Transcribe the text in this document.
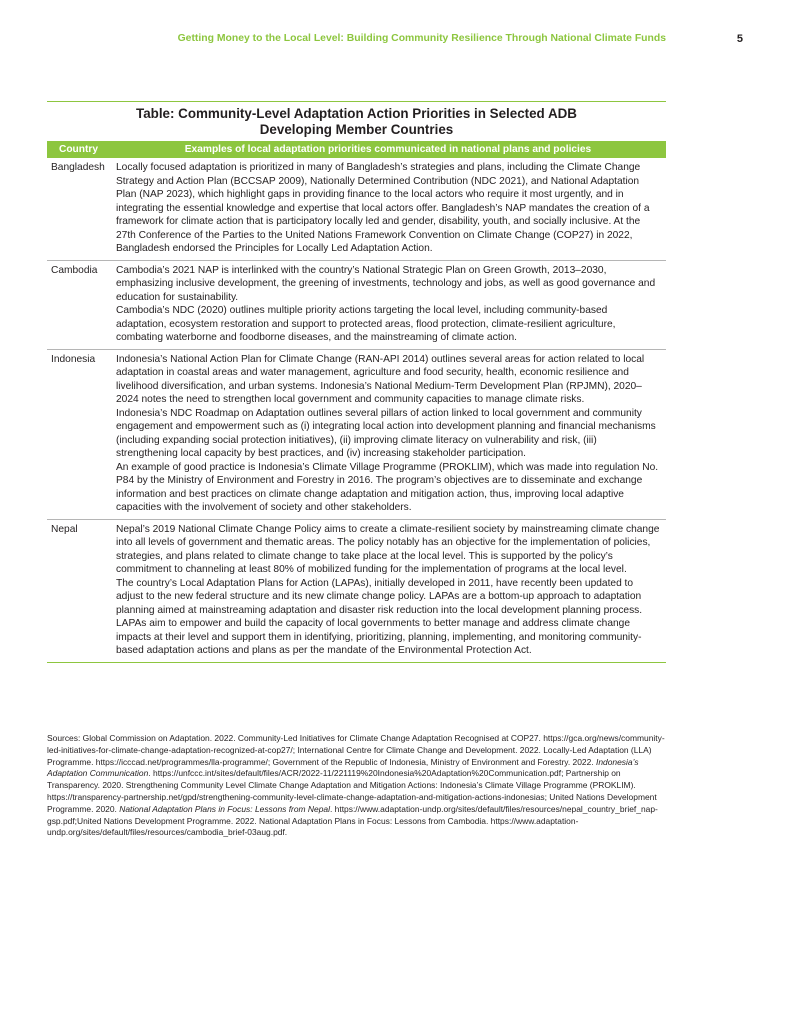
Getting Money to the Local Level: Building Community Resilience Through National Climate Funds	5
Table: Community-Level Adaptation Action Priorities in Selected ADB Developing Member Countries
Country	Examples of local adaptation priorities communicated in national plans and policies
Bangladesh	Locally focused adaptation is prioritized in many of Bangladesh’s strategies and plans, including the Climate Change Strategy and Action Plan (BCCSAP 2009), Nationally Determined Contribution (NDC 2021), and National Adaptation Plan (NAP 2023), which highlight gaps in providing finance to the local actors who require it most urgently, and in integrating the essential knowledge and expertise that local actors offer. Bangladesh’s NAP mandates the creation of a framework for climate action that is participatory locally led and gender, disability, youth, and socially inclusive. At the 27th Conference of the Parties to the United Nations Framework Convention on Climate Change (COP27) in 2022, Bangladesh endorsed the Principles for Locally Led Adaptation Action.

Cambodia	Cambodia’s 2021 NAP is interlinked with the country’s National Strategic Plan on Green Growth, 2013–2030, emphasizing inclusive development, the greening of investments, technology and jobs, as well as good governance and education for sustainability.

Cambodia’s NDC (2020) outlines multiple priority actions targeting the local level, including community-based adaptation, ecosystem restoration and support to protected areas, flood protection, climate-resilient agriculture, combating waterborne and foodborne diseases, and the mainstreaming of climate action.

Indonesia	Indonesia’s National Action Plan for Climate Change (RAN-API 2014) outlines several areas for action related to local adaptation in coastal areas and water management, agriculture and food security, health, economic resilience and livelihood diversification, and urban systems. Indonesia’s National Medium-Term Development Plan (RPJMN), 2020–2024 notes the need to strengthen local government and community capacities to manage climate risks.

Indonesia’s NDC Roadmap on Adaptation outlines several pillars of action linked to local government and community engagement and empowerment such as (i) integrating local action into development planning and financial mechanisms (including expanding social protection initiatives), (ii) improving climate literacy on vulnerability and risk, (iii) strengthening local capacity by best practices, and (iv) increasing stakeholder participation.

An example of good practice is Indonesia’s Climate Village Programme (PROKLIM), which was made into regulation No. P84 by the Ministry of Environment and Forestry in 2016. The program’s objectives are to disseminate and exchange information and best practices on climate change adaptation and mitigation action, thus, improving local adaptive capacities with the involvement of society and other stakeholders.

Nepal	Nepal’s 2019 National Climate Change Policy aims to create a climate-resilient society by mainstreaming climate change into all levels of government and thematic areas. The policy notably has an objective for the implementation of policies, strategies, and plans related to climate change to take place at the local level. This is supported by the policy’s commitment to channeling at least 80% of mobilized funding for the implementation of programs at the local level.

The country’s Local Adaptation Plans for Action (LAPAs), initially developed in 2011, have recently been updated to adjust to the new federal structure and its new climate change policy. LAPAs are a bottom-up approach to adaptation planning aimed at mainstreaming adaptation and disaster risk reduction into the local development planning process. LAPAs aim to empower and build the capacity of local governments to better manage and address climate change impacts at their level and support them in identifying, prioritizing, planning, implementing, and monitoring community-based adaptation actions and plans as per the mandate of the Environmental Protection Act.

Sources: Global Commission on Adaptation. 2022. Community-Led Initiatives for Climate Change Adaptation Recognised at COP27. https://gca.org/news/community-led-initiatives-for-climate-change-adaptation-recognized-at-cop27/; International Centre for Climate Change and Development. 2022. Locally-Led Adaptation (LLA) Programme. https://icccad.net/programmes/lla-programme/; Government of the Republic of Indonesia, Ministry of Environment and Forestry. 2022. Indonesia’s Adaptation Communication. https://unfccc.int/sites/default/files/ACR/2022-11/221119%20Indonesia%20Adaptation%20Communication.pdf; Partnership on Transparency. 2020. Strengthening Community Level Climate Change Adaptation and Mitigation Actions: Indonesia’s Climate Village Programme (PROKLIM). https://transparency-partnership.net/gpd/strengthening-community-level-climate-change-adaptation-and-mitigation-actions-indonesias; United Nations Development Programme. 2020. National Adaptation Plans in Focus: Lessons from Nepal. https://www.adaptation-undp.org/sites/default/files/resources/nepal_country_brief_nap-gsp.pdf;United Nations Development Programme. 2022. National Adaptation Plans in Focus: Lessons from Cambodia. https://www.adaptation-undp.org/sites/default/files/resources/cambodia_brief-03aug.pdf.
